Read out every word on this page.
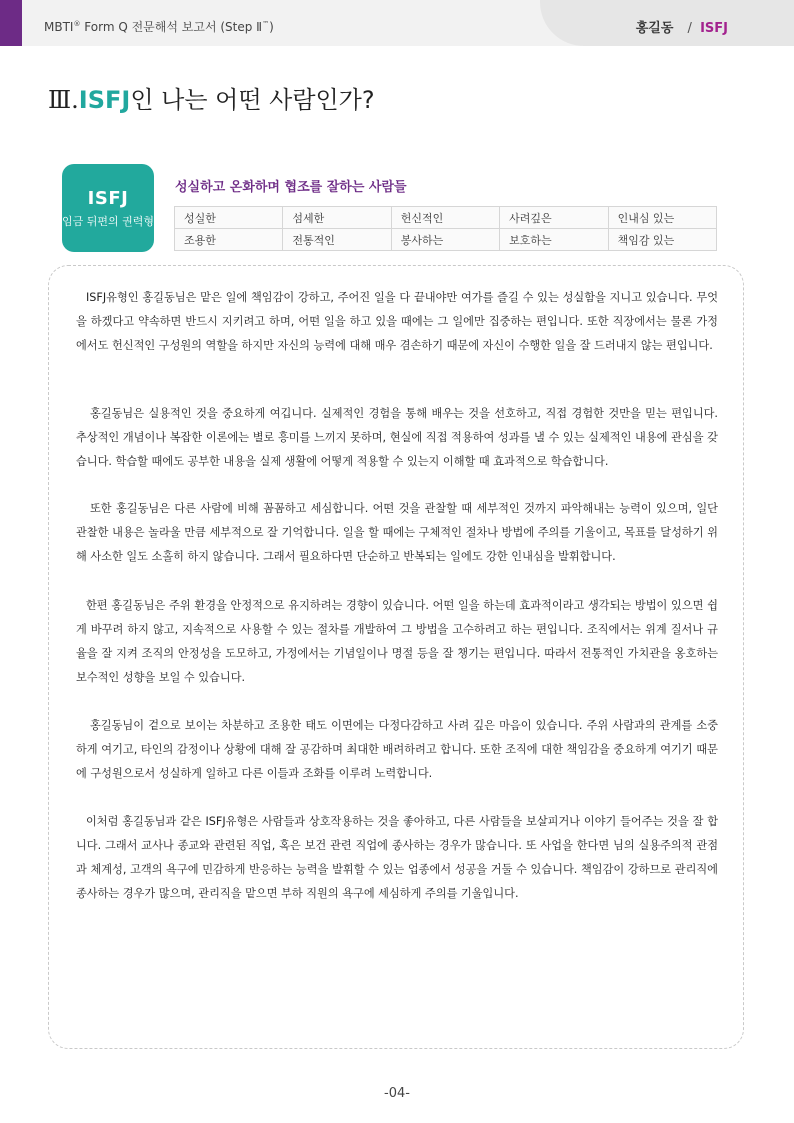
MBTI® Form Q 전문해석 보고서 (Step Ⅱ™)	홍길동 / ISFJ
Ⅲ.ISFJ인 나는 어떤 사람인가?
ISFJ
임금 뒤편의 권력형
성실하고 온화하며 협조를 잘하는 사람들
성실한	섬세한	헌신적인	사려깊은	인내심 있는
조용한	전통적인	봉사하는	보호하는	책임감 있는

ISFJ유형인 홍길동님은 맡은 일에 책임감이 강하고, 주어진 일을 다 끝내야만 여가를 즐길 수 있는 성실함을 지니고 있습니다. 무엇을 하겠다고 약속하면 반드시 지키려고 하며, 어떤 일을 하고 있을 때에는 그 일에만 집중하는 편입니다. 또한 직장에서는 물론 가정에서도 헌신적인 구성원의 역할을 하지만 자신의 능력에 대해 매우 겸손하기 때문에 자신이 수행한 일을 잘 드러내지 않는 편입니다.

홍길동님은 실용적인 것을 중요하게 여깁니다. 실제적인 경험을 통해 배우는 것을 선호하고, 직접 경험한 것만을 믿는 편입니다. 추상적인 개념이나 복잡한 이론에는 별로 흥미를 느끼지 못하며, 현실에 직접 적용하여 성과를 낼 수 있는 실제적인 내용에 관심을 갖습니다. 학습할 때에도 공부한 내용을 실제 생활에 어떻게 적용할 수 있는지 이해할 때 효과적으로 학습합니다.

또한 홍길동님은 다른 사람에 비해 꼼꼼하고 세심합니다. 어떤 것을 관찰할 때 세부적인 것까지 파악해내는 능력이 있으며, 일단 관찰한 내용은 놀라울 만큼 세부적으로 잘 기억합니다. 일을 할 때에는 구체적인 절차나 방법에 주의를 기울이고, 목표를 달성하기 위해 사소한 일도 소홀히 하지 않습니다. 그래서 필요하다면 단순하고 반복되는 일에도 강한 인내심을 발휘합니다.

한편 홍길동님은 주위 환경을 안정적으로 유지하려는 경향이 있습니다. 어떤 일을 하는데 효과적이라고 생각되는 방법이 있으면 쉽게 바꾸려 하지 않고, 지속적으로 사용할 수 있는 절차를 개발하여 그 방법을 고수하려고 하는 편입니다. 조직에서는 위계 질서나 규율을 잘 지켜 조직의 안정성을 도모하고, 가정에서는 기념일이나 명절 등을 잘 챙기는 편입니다. 따라서 전통적인 가치관을 옹호하는 보수적인 성향을 보일 수 있습니다.

홍길동님이 겉으로 보이는 차분하고 조용한 태도 이면에는 다정다감하고 사려 깊은 마음이 있습니다. 주위 사람과의 관계를 소중하게 여기고, 타인의 감정이나 상황에 대해 잘 공감하며 최대한 배려하려고 합니다. 또한 조직에 대한 책임감을 중요하게 여기기 때문에 구성원으로서 성실하게 일하고 다른 이들과 조화를 이루려 노력합니다.

이처럼 홍길동님과 같은 ISFJ유형은 사람들과 상호작용하는 것을 좋아하고, 다른 사람들을 보살피거나 이야기 들어주는 것을 잘 합니다. 그래서 교사나 종교와 관련된 직업, 혹은 보건 관련 직업에 종사하는 경우가 많습니다. 또 사업을 한다면 님의 실용주의적 관점과 체계성, 고객의 욕구에 민감하게 반응하는 능력을 발휘할 수 있는 업종에서 성공을 거둘 수 있습니다. 책임감이 강하므로 관리직에 종사하는 경우가 많으며, 관리직을 맡으면 부하 직원의 욕구에 세심하게 주의를 기울입니다.

-04-
